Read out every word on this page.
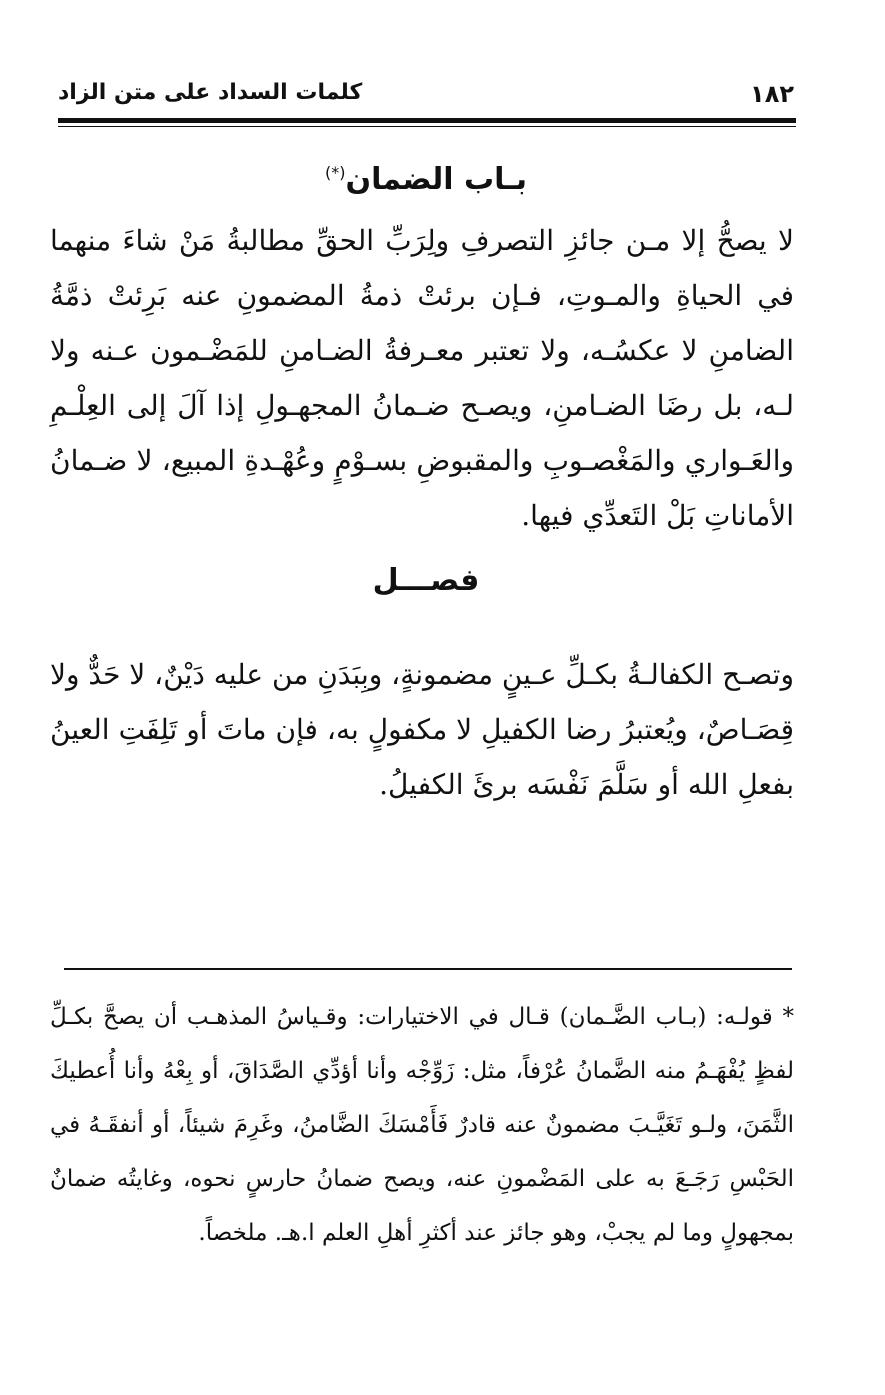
١٨٢
كلمات السداد على متن الزاد
بـاب الضمان(*)
لا يصحُّ إلا مـن جائزِ التصرفِ ولِرَبِّ الحقِّ مطالبةُ مَنْ شاءَ منهما في الحياةِ والمـوتِ، فـإن برئتْ ذمةُ المضمونِ عنه بَرِئتْ ذمَّةُ الضامنِ لا عكسُـه، ولا تعتبر معـرفةُ الضـامنِ للمَضْـمون عـنه ولا لـه، بل رضَا الضـامنِ، ويصـح ضـمانُ المجهـولِ إذا آلَ إلى العِلْـمِ والعَـواري والمَغْصـوبِ والمقبوضِ بسـوْمٍ وعُهْـدةِ المبيع، لا ضـمانُ الأماناتِ بَلْ التَعدِّي فيها.
فصـــل
وتصـح الكفالـةُ بكـلِّ عـينٍ مضمونةٍ، وبِبَدَنِ من عليه دَيْنٌ، لا حَدٌّ ولا قِصَـاصٌ، ويُعتبرُ رضا الكفيلِ لا مكفولٍ به، فإن ماتَ أو تَلِفَتِ العينُ بفعلِ الله أو سَلَّمَ نَفْسَه برئَ الكفيلُ.
* قولـه: (بـاب الضَّـمان) قـال في الاختيارات: وقـياسُ المذهـب أن يصحَّ بكـلِّ لفظٍ يُفْهَـمُ منه الضَّمانُ عُرْفاً، مثل: زَوِّجْه وأنا أؤدِّي الصَّدَاقَ، أو بِعْهُ وأنا أُعطيكَ الثَّمَنَ، ولـو تَغَيَّـبَ مضمونٌ عنه قادرٌ فَأَمْسَكَ الضَّامنُ، وغَرِمَ شيئاً، أو أنفقَـهُ في الحَبْسِ رَجَـعَ به على المَضْمونِ عنه، ويصح ضمانُ حارسٍ نحوه، وغايتُه ضمانٌ بمجهولٍ وما لم يجبْ، وهو جائز عند أكثرِ أهلِ العلم ا.هـ. ملخصاً.
